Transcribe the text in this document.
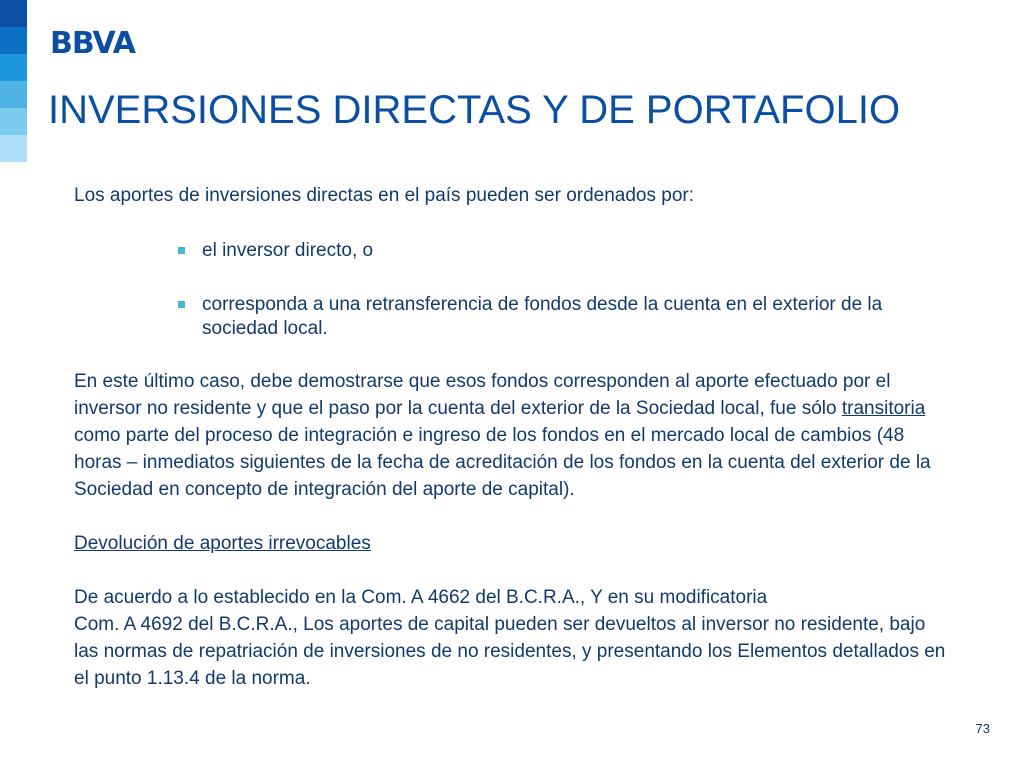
BBVA
INVERSIONES DIRECTAS Y DE PORTAFOLIO

Los aportes de inversiones directas en el país pueden ser ordenados por:

el inversor directo, o
corresponda a una retransferencia de fondos desde la cuenta en el exterior de la sociedad local.

En este último caso, debe demostrarse que esos fondos corresponden al aporte efectuado por el inversor no residente y que el paso por la cuenta del exterior de la Sociedad local, fue sólo transitoria como parte del proceso de integración e ingreso de los fondos en el mercado local de cambios (48 horas – inmediatos siguientes de la fecha de acreditación de los fondos en la cuenta del exterior de la Sociedad en concepto de integración del aporte de capital).

Devolución de aportes irrevocables

De acuerdo a lo establecido en la Com. A 4662 del B.C.R.A., Y en su modificatoria
Com. A 4692 del B.C.R.A., Los aportes de capital pueden ser devueltos al inversor no residente, bajo las normas de repatriación de inversiones de no residentes, y presentando los Elementos detallados en el punto 1.13.4 de la norma.

73
